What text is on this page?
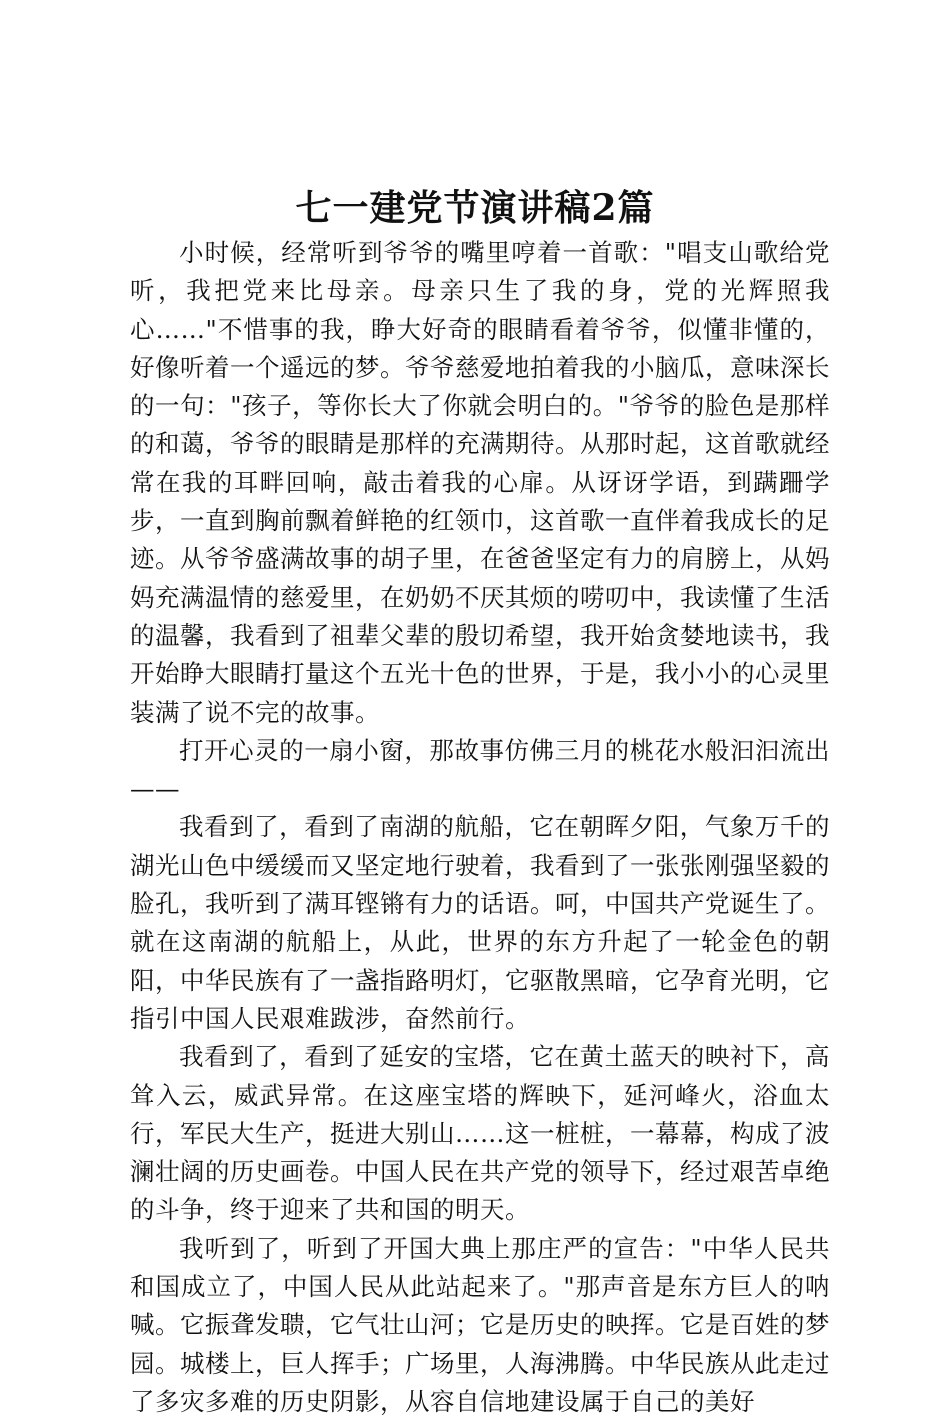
七一建党节演讲稿2篇

小时候，经常听到爷爷的嘴里哼着一首歌："唱支山歌给党听，我把党来比母亲。母亲只生了我的身，党的光辉照我心……"不惜事的我，睁大好奇的眼睛看着爷爷，似懂非懂的，好像听着一个遥远的梦。爷爷慈爱地拍着我的小脑瓜，意味深长的一句："孩子，等你长大了你就会明白的。"爷爷的脸色是那样的和蔼，爷爷的眼睛是那样的充满期待。从那时起，这首歌就经常在我的耳畔回响，敲击着我的心扉。从讶讶学语，到蹒跚学步，一直到胸前飘着鲜艳的红领巾，这首歌一直伴着我成长的足迹。从爷爷盛满故事的胡子里，在爸爸坚定有力的肩膀上，从妈妈充满温情的慈爱里，在奶奶不厌其烦的唠叨中，我读懂了生活的温馨，我看到了祖辈父辈的殷切希望，我开始贪婪地读书，我开始睁大眼睛打量这个五光十色的世界，于是，我小小的心灵里装满了说不完的故事。

打开心灵的一扇小窗，那故事仿佛三月的桃花水般汩汩流出——

我看到了，看到了南湖的航船，它在朝晖夕阳，气象万千的湖光山色中缓缓而又坚定地行驶着，我看到了一张张刚强坚毅的脸孔，我听到了满耳铿锵有力的话语。呵，中国共产党诞生了。就在这南湖的航船上，从此，世界的东方升起了一轮金色的朝阳，中华民族有了一盏指路明灯，它驱散黑暗，它孕育光明，它指引中国人民艰难跋涉，奋然前行。

我看到了，看到了延安的宝塔，它在黄土蓝天的映衬下，高耸入云，威武异常。在这座宝塔的辉映下，延河峰火，浴血太行，军民大生产，挺进大别山……这一桩桩，一幕幕，构成了波澜壮阔的历史画卷。中国人民在共产党的领导下，经过艰苦卓绝的斗争，终于迎来了共和国的明天。

我听到了，听到了开国大典上那庄严的宣告："中华人民共和国成立了，中国人民从此站起来了。"那声音是东方巨人的呐喊。它振聋发聩，它气壮山河；它是历史的映挥。它是百姓的梦园。城楼上，巨人挥手；广场里，人海沸腾。中华民族从此走过了多灾多难的历史阴影，从容自信地建设属于自己的美好
